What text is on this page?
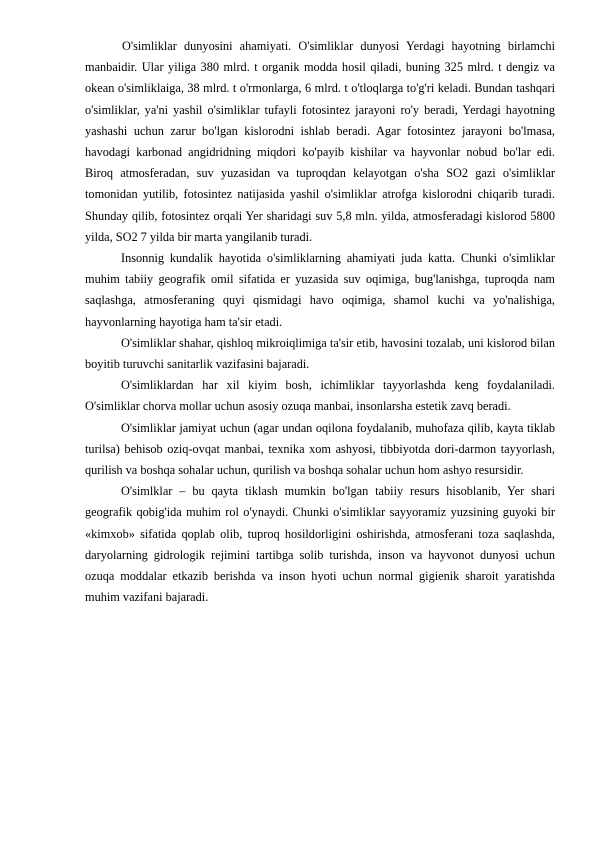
O'simliklar dunyosini ahamiyati. O'simliklar dunyosi Yerdagi hayotning birlamchi manbaidir. Ular yiliga 380 mlrd. t organik modda hosil qiladi, buning 325 mlrd. t dengiz va okean o'simliklaiga, 38 mlrd. t o'rmonlarga, 6 mlrd. t o'tloqlarga to'g'ri keladi. Bundan tashqari o'simliklar, ya'ni yashil o'simliklar tufayli fotosintez jarayoni ro'y beradi, Yerdagi hayotning yashashi uchun zarur bo'lgan kislorodni ishlab beradi. Agar fotosintez jarayoni bo'lmasa, havodagi karbonad angidridning miqdori ko'payib kishilar va hayvonlar nobud bo'lar edi. Biroq atmosferadan, suv yuzasidan va tuproqdan kelayotgan o'sha SO2 gazi o'simliklar tomonidan yutilib, fotosintez natijasida yashil o'simliklar atrofga kislorodni chiqarib turadi. Shunday qilib, fotosintez orqali Yer sharidagi suv 5,8 mln. yilda, atmosferadagi kislorod 5800 yilda, SO2 7 yilda bir marta yangilanib turadi.

Insonnig kundalik hayotida o'simliklarning ahamiyati juda katta. Chunki o'simliklar muhim tabiiy geografik omil sifatida er yuzasida suv oqimiga, bug'lanishga, tuproqda nam saqlashga, atmosferaning quyi qismidagi havo oqimiga, shamol kuchi va yo'nalishiga, hayvonlarning hayotiga ham ta'sir etadi.

O'simliklar shahar, qishloq mikroiqlimiga ta'sir etib, havosini tozalab, uni kislorod bilan boyitib turuvchi sanitarlik vazifasini bajaradi.

O'simliklardan har xil kiyim bosh, ichimliklar tayyorlashda keng foydalaniladi. O'simliklar chorva mollar uchun asosiy ozuqa manbai, insonlarsha estetik zavq beradi.

O'simliklar jamiyat uchun (agar undan oqilona foydalanib, muhofaza qilib, kayta tiklab turilsa) behisob oziq-ovqat manbai, texnika xom ashyosi, tibbiyotda dori-darmon tayyorlash, qurilish va boshqa sohalar uchun, qurilish va boshqa sohalar uchun hom ashyo resursidir.

O'simlklar – bu qayta tiklash mumkin bo'lgan tabiiy resurs hisoblanib, Yer shari geografik qobig'ida muhim rol o'ynaydi. Chunki o'simliklar sayyoramiz yuzsining guyoki bir «kimxob» sifatida qoplab olib, tuproq hosildorligini oshirishda, atmosferani toza saqlashda, daryolarning gidrologik rejimini tartibga solib turishda, inson va hayvonot dunyosi uchun ozuqa moddalar etkazib berishda va inson hyoti uchun normal gigienik sharoit yaratishda muhim vazifani bajaradi.
